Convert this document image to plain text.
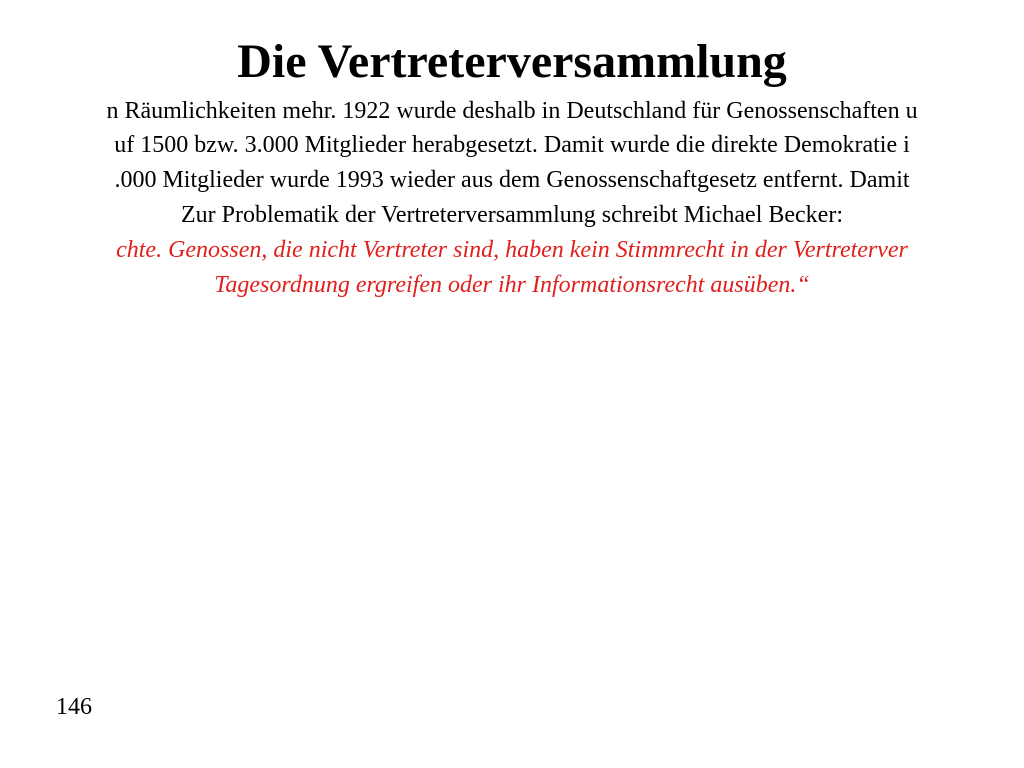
Die Vertreterversammlung
n Räumlichkeiten mehr. 1922 wurde deshalb in Deutschland für Genossenschaften u
uf 1500 bzw. 3.000 Mitglieder herabgesetzt. Damit wurde die direkte Demokratie i
.000 Mitglieder wurde 1993 wieder aus dem Genossenschaftgesetz entfernt. Damit
Zur Problematik der Vertreterversammlung schreibt Michael Becker:
chte. Genossen, die nicht Vertreter sind, haben kein Stimmrecht in der Vertreterver
Tagesordnung ergreifen oder ihr Informationsrecht ausüben.“
146
